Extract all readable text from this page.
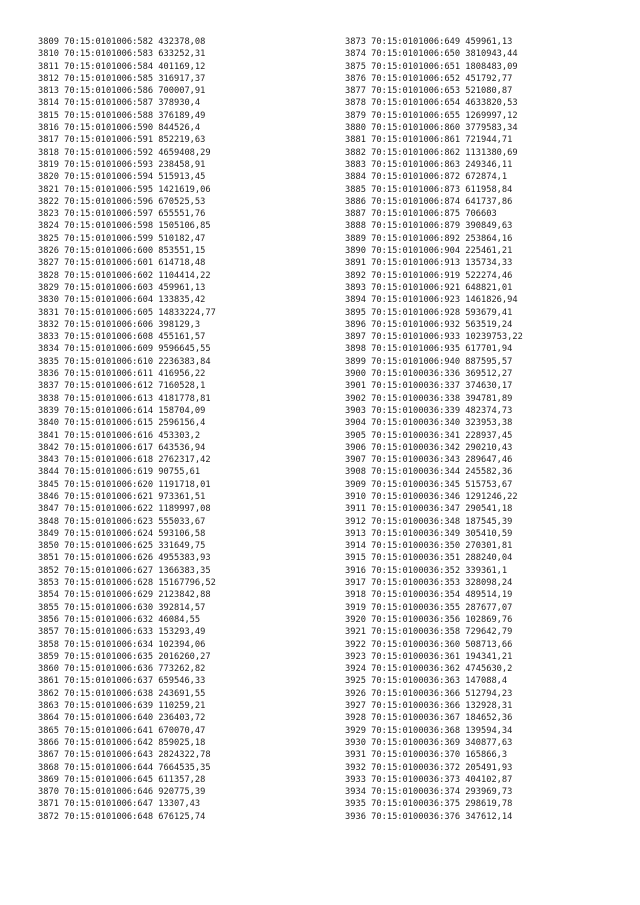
3809 70:15:0101006:582 432378,08
3810 70:15:0101006:583 633252,31
3811 70:15:0101006:584 401169,12
3812 70:15:0101006:585 316917,37
3813 70:15:0101006:586 700007,91
3814 70:15:0101006:587 378930,4
3815 70:15:0101006:588 376189,49
3816 70:15:0101006:590 844526,4
3817 70:15:0101006:591 852219,63
3818 70:15:0101006:592 4659408,29
3819 70:15:0101006:593 238458,91
3820 70:15:0101006:594 515913,45
3821 70:15:0101006:595 1421619,06
3822 70:15:0101006:596 670525,53
3823 70:15:0101006:597 655551,76
3824 70:15:0101006:598 1505106,85
3825 70:15:0101006:599 510182,47
3826 70:15:0101006:600 853551,15
3827 70:15:0101006:601 614718,48
3828 70:15:0101006:602 1104414,22
3829 70:15:0101006:603 459961,13
3830 70:15:0101006:604 133835,42
3831 70:15:0101006:605 14833224,77
3832 70:15:0101006:606 398129,3
3833 70:15:0101006:608 455161,57
3834 70:15:0101006:609 9596645,55
3835 70:15:0101006:610 2236383,84
3836 70:15:0101006:611 416956,22
3837 70:15:0101006:612 7160528,1
3838 70:15:0101006:613 4181778,81
3839 70:15:0101006:614 158704,09
3840 70:15:0101006:615 2596156,4
3841 70:15:0101006:616 453303,2
3842 70:15:0101006:617 643536,94
3843 70:15:0101006:618 2762317,42
3844 70:15:0101006:619 90755,61
3845 70:15:0101006:620 1191718,01
3846 70:15:0101006:621 973361,51
3847 70:15:0101006:622 1189997,08
3848 70:15:0101006:623 555033,67
3849 70:15:0101006:624 593106,58
3850 70:15:0101006:625 331649,75
3851 70:15:0101006:626 4955383,93
3852 70:15:0101006:627 1366383,35
3853 70:15:0101006:628 15167796,52
3854 70:15:0101006:629 2123842,88
3855 70:15:0101006:630 392814,57
3856 70:15:0101006:632 46084,55
3857 70:15:0101006:633 153293,49
3858 70:15:0101006:634 102394,06
3859 70:15:0101006:635 2016260,27
3860 70:15:0101006:636 773262,82
3861 70:15:0101006:637 659546,33
3862 70:15:0101006:638 243691,55
3863 70:15:0101006:639 110259,21
3864 70:15:0101006:640 236403,72
3865 70:15:0101006:641 670070,47
3866 70:15:0101006:642 859025,18
3867 70:15:0101006:643 2824322,78
3868 70:15:0101006:644 7664535,35
3869 70:15:0101006:645 611357,28
3870 70:15:0101006:646 920775,39
3871 70:15:0101006:647 13307,43
3872 70:15:0101006:648 676125,74
3873 70:15:0101006:649 459961,13
3874 70:15:0101006:650 3810943,44
3875 70:15:0101006:651 1808483,09
3876 70:15:0101006:652 451792,77
3877 70:15:0101006:653 521080,87
3878 70:15:0101006:654 4633820,53
3879 70:15:0101006:655 1269997,12
3880 70:15:0101006:860 3779583,34
3881 70:15:0101006:861 721944,71
3882 70:15:0101006:862 1131380,69
3883 70:15:0101006:863 249346,11
3884 70:15:0101006:872 672874,1
3885 70:15:0101006:873 611958,84
3886 70:15:0101006:874 641737,86
3887 70:15:0101006:875 706603
3888 70:15:0101006:879 390849,63
3889 70:15:0101006:892 253864,16
3890 70:15:0101006:904 225461,21
3891 70:15:0101006:913 135734,33
3892 70:15:0101006:919 522274,46
3893 70:15:0101006:921 648821,01
3894 70:15:0101006:923 1461826,94
3895 70:15:0101006:928 593679,41
3896 70:15:0101006:932 563519,24
3897 70:15:0101006:933 10239753,22
3898 70:15:0101006:935 617701,94
3899 70:15:0101006:940 887595,57
3900 70:15:0100036:336 369512,27
3901 70:15:0100036:337 374630,17
3902 70:15:0100036:338 394781,89
3903 70:15:0100036:339 482374,73
3904 70:15:0100036:340 323953,38
3905 70:15:0100036:341 228937,45
3906 70:15:0100036:342 290210,43
3907 70:15:0100036:343 289647,46
3908 70:15:0100036:344 245582,36
3909 70:15:0100036:345 515753,67
3910 70:15:0100036:346 1291246,22
3911 70:15:0100036:347 290541,18
3912 70:15:0100036:348 187545,39
3913 70:15:0100036:349 305410,59
3914 70:15:0100036:350 270301,81
3915 70:15:0100036:351 288240,04
3916 70:15:0100036:352 339361,1
3917 70:15:0100036:353 328098,24
3918 70:15:0100036:354 489514,19
3919 70:15:0100036:355 287677,07
3920 70:15:0100036:356 102869,76
3921 70:15:0100036:358 729642,79
3922 70:15:0100036:360 508713,66
3923 70:15:0100036:361 194341,21
3924 70:15:0100036:362 4745630,2
3925 70:15:0100036:363 147088,4
3926 70:15:0100036:366 512794,23
3927 70:15:0100036:366 132928,31
3928 70:15:0100036:367 184652,36
3929 70:15:0100036:368 139594,34
3930 70:15:0100036:369 340877,63
3931 70:15:0100036:370 165866,3
3932 70:15:0100036:372 205491,93
3933 70:15:0100036:373 404102,87
3934 70:15:0100036:374 293969,73
3935 70:15:0100036:375 298619,78
3936 70:15:0100036:376 347612,14
